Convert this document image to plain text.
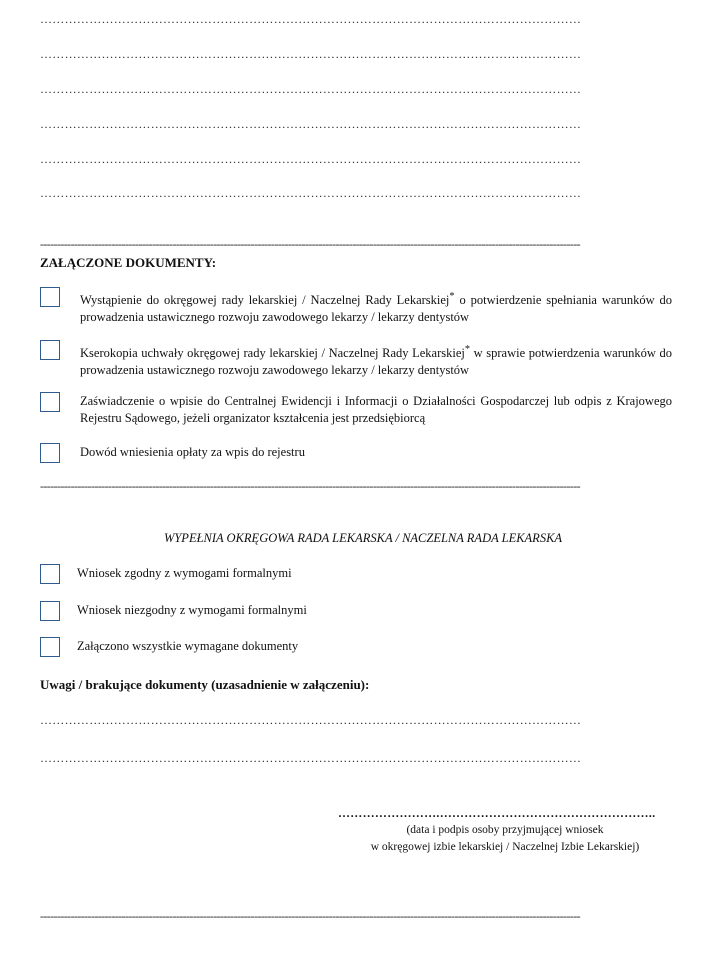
……………………………………………………………………………………………………………………
……………………………………………………………………………………………………………………
……………………………………………………………………………………………………………………
……………………………………………………………………………………………………………………
……………………………………………………………………………………………………………………
……………………………………………………………………………………………………………………
---------------------------------------------------------------------------------------------------------------------------------------------------------------
ZAŁĄCZONE DOKUMENTY:
Wystąpienie do okręgowej rady lekarskiej / Naczelnej Rady Lekarskiej* o potwierdzenie spełniania warunków do prowadzenia ustawicznego rozwoju zawodowego lekarzy / lekarzy dentystów
Kserokopia uchwały okręgowej rady lekarskiej / Naczelnej Rady Lekarskiej* w sprawie potwierdzenia warunków do prowadzenia ustawicznego rozwoju zawodowego lekarzy / lekarzy dentystów
Zaświadczenie o wpisie do Centralnej Ewidencji i Informacji o Działalności Gospodarczej lub odpis z Krajowego Rejestru Sądowego, jeżeli organizator kształcenia jest przedsiębiorcą
Dowód wniesienia opłaty za wpis do rejestru
---------------------------------------------------------------------------------------------------------------------------------------------------------------
WYPEŁNIA OKRĘGOWA RADA LEKARSKA / NACZELNA RADA LEKARSKA
Wniosek zgodny z wymogami formalnymi
Wniosek niezgodny z wymogami formalnymi
Załączono wszystkie wymagane dokumenty
Uwagi / brakujące dokumenty (uzasadnienie w załączeniu):
……………………………………………………………………………………………………………………
……………………………………………………………………………………………………………………
…………………….……………………………………………..
(data i podpis osoby przyjmującej wniosek
w okręgowej izbie lekarskiej / Naczelnej Izbie Lekarskiej)
---------------------------------------------------------------------------------------------------------------------------------------------------------------
